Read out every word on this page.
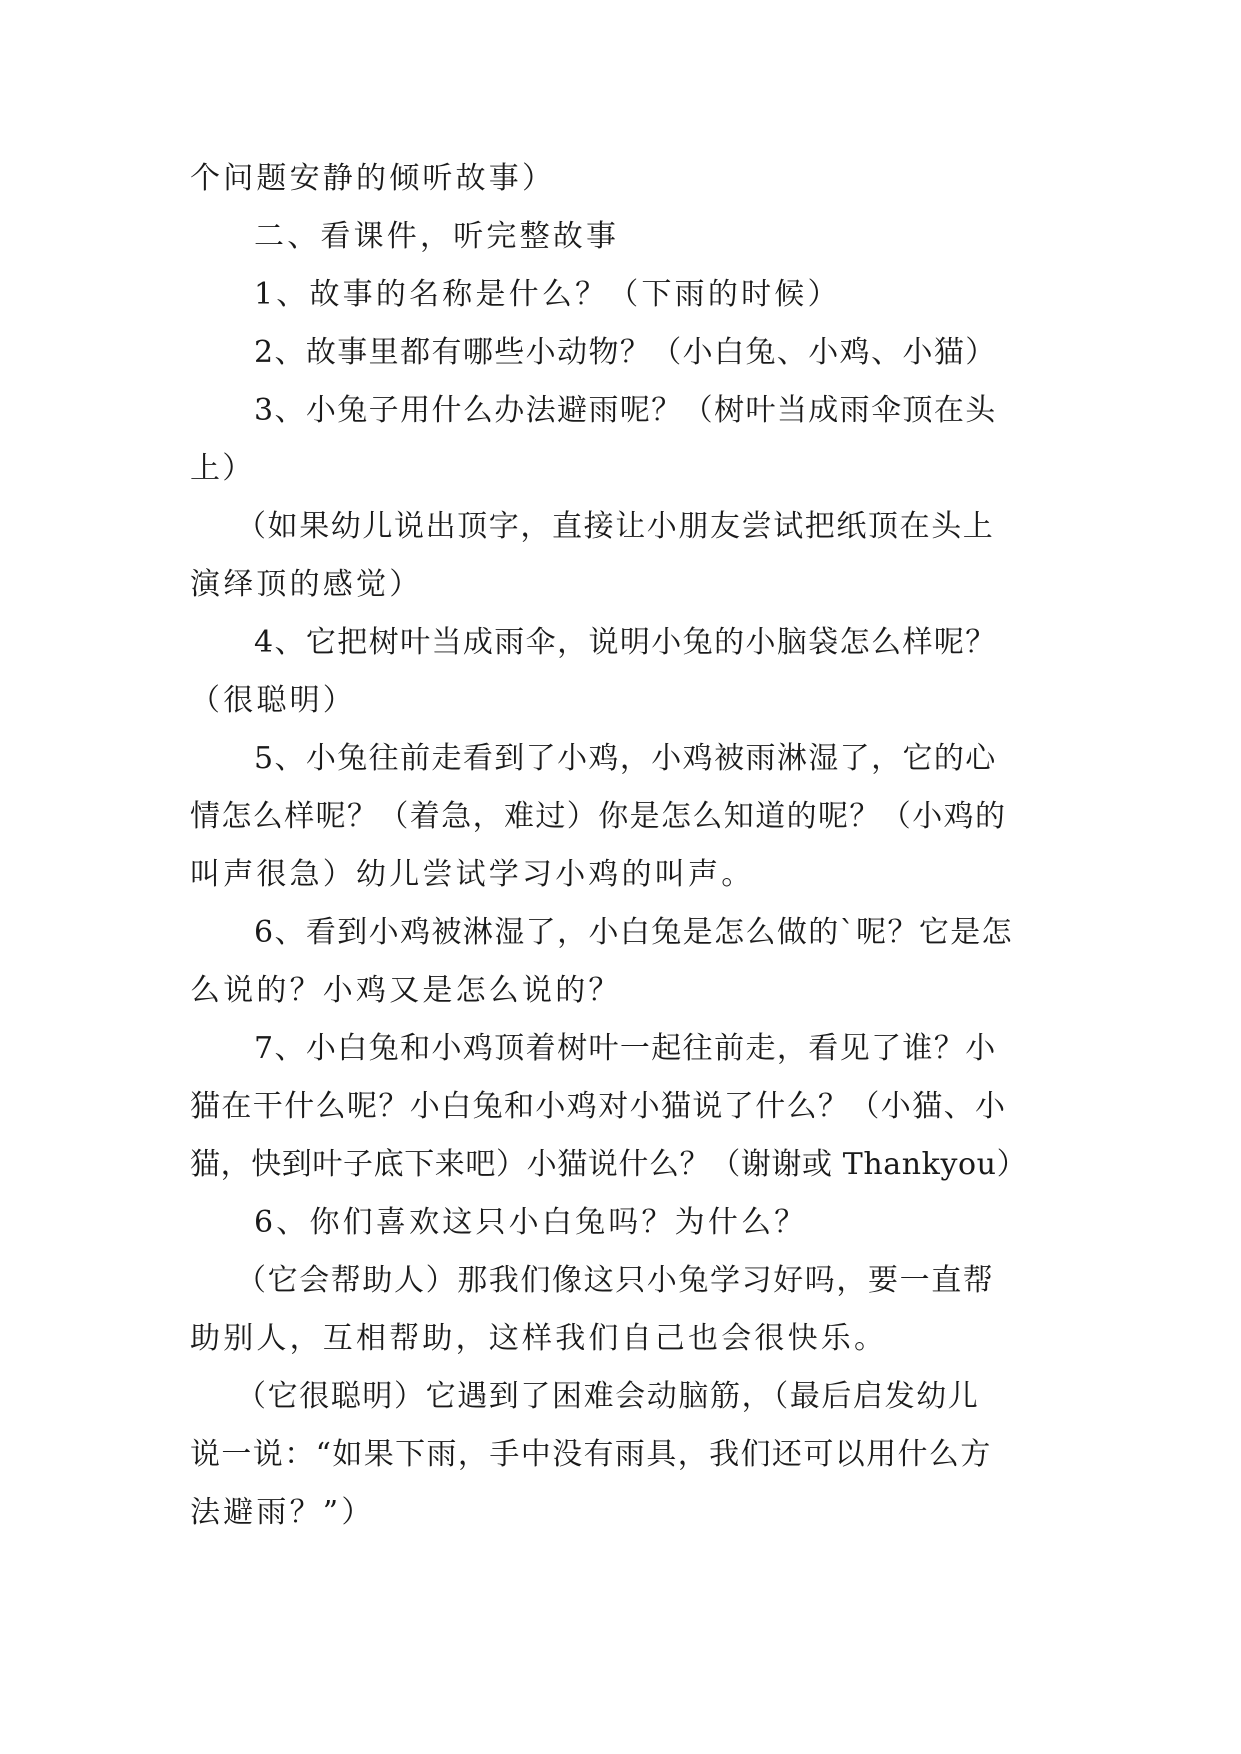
个问题安静的倾听故事）
二、看课件，听完整故事
1、故事的名称是什么？（下雨的时候）
2、故事里都有哪些小动物？（小白兔、小鸡、小猫）
3、小兔子用什么办法避雨呢？（树叶当成雨伞顶在头
上）
（如果幼儿说出顶字，直接让小朋友尝试把纸顶在头上
演绎顶的感觉）
4、它把树叶当成雨伞，说明小兔的小脑袋怎么样呢？
（很聪明）
5、小兔往前走看到了小鸡，小鸡被雨淋湿了，它的心
情怎么样呢？（着急，难过）你是怎么知道的呢？（小鸡的
叫声很急）幼儿尝试学习小鸡的叫声。
6、看到小鸡被淋湿了，小白兔是怎么做的`呢？它是怎
么说的？小鸡又是怎么说的？
7、小白兔和小鸡顶着树叶一起往前走，看见了谁？小
猫在干什么呢？小白兔和小鸡对小猫说了什么？（小猫、小
猫，快到叶子底下来吧）小猫说什么？（谢谢或 Thankyou）
6、你们喜欢这只小白兔吗？为什么？
（它会帮助人）那我们像这只小兔学习好吗，要一直帮
助别人，互相帮助，这样我们自己也会很快乐。
（它很聪明）它遇到了困难会动脑筋，（最后启发幼儿
说一说：“如果下雨，手中没有雨具，我们还可以用什么方
法避雨？”）
